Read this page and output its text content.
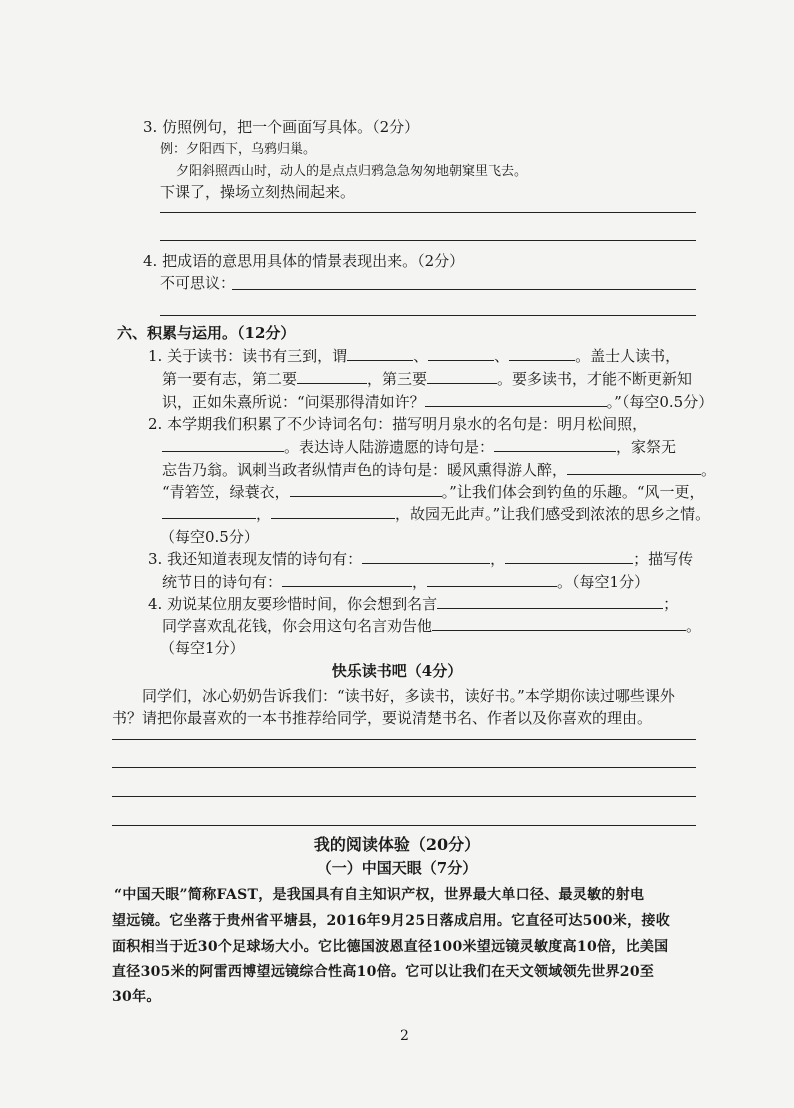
3. 仿照例句，把一个画面写具体。（2分）
例：夕阳西下，乌鸦归巢。
夕阳斜照西山时，动人的是点点归鸦急急匆匆地朝窠里飞去。
下课了，操场立刻热闹起来。
4. 把成语的意思用具体的情景表现出来。（2分）
不可思议：
六、积累与运用。（12分）
1. 关于读书：读书有三到，谓	、	、	。盖士人读书，
第一要有志，第二要	，第三要	。要多读书，才能不断更新知
识，正如朱熹所说：“问渠那得清如许？	。”（每空0.5分）
2. 本学期我们积累了不少诗词名句：描写明月泉水的名句是：明月松间照，
。表达诗人陆游遗愿的诗句是：	，家祭无
忘告乃翁。讽刺当政者纵情声色的诗句是：暖风熏得游人醉，	。
“青箬笠，绿蓑衣，	。”让我们体会到钓鱼的乐趣。“风一更，
，	，故园无此声。”让我们感受到浓浓的思乡之情。
（每空0.5分）
3. 我还知道表现友情的诗句有：	，	；描写传
统节日的诗句有：	，	。（每空1分）
4. 劝说某位朋友要珍惜时间，你会想到名言	；
同学喜欢乱花钱，你会用这句名言劝告他	。
（每空1分）
快乐读书吧（4分）
同学们，冰心奶奶告诉我们：“读书好，多读书，读好书。”本学期你读过哪些课外
书？请把你最喜欢的一本书推荐给同学，要说清楚书名、作者以及你喜欢的理由。
我的阅读体验（20分）
（一）中国天眼（7分）
“中国天眼”简称FAST，是我国具有自主知识产权，世界最大单口径、最灵敏的射电
望远镜。它坐落于贵州省平塘县，2016年9月25日落成启用。它直径可达500米，接收
面积相当于近30个足球场大小。它比德国波恩直径100米望远镜灵敏度高10倍，比美国
直径305米的阿雷西博望远镜综合性高10倍。它可以让我们在天文领域领先世界20至
30年。
2
